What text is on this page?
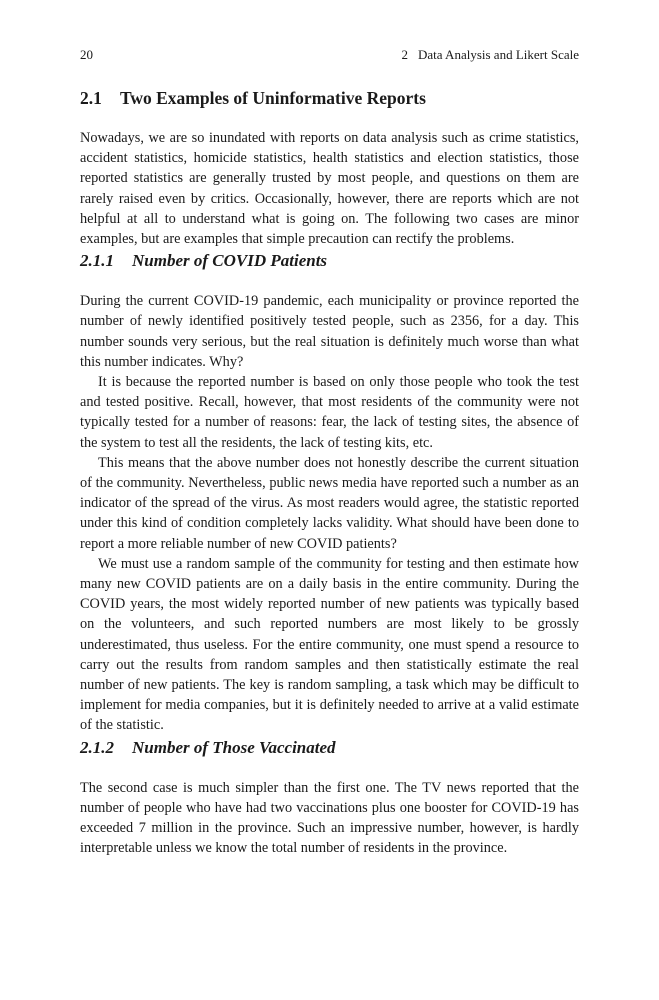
20	2 Data Analysis and Likert Scale
2.1 Two Examples of Uninformative Reports

Nowadays, we are so inundated with reports on data analysis such as crime statistics, accident statistics, homicide statistics, health statistics and election statistics, those reported statistics are generally trusted by most people, and questions on them are rarely raised even by critics. Occasionally, however, there are reports which are not helpful at all to understand what is going on. The following two cases are minor examples, but are examples that simple precaution can rectify the problems.

2.1.1 Number of COVID Patients

During the current COVID-19 pandemic, each municipality or province reported the number of newly identified positively tested people, such as 2356, for a day. This number sounds very serious, but the real situation is definitely much worse than what this number indicates. Why?

It is because the reported number is based on only those people who took the test and tested positive. Recall, however, that most residents of the community were not typically tested for a number of reasons: fear, the lack of testing sites, the absence of the system to test all the residents, the lack of testing kits, etc.

This means that the above number does not honestly describe the current situation of the community. Nevertheless, public news media have reported such a number as an indicator of the spread of the virus. As most readers would agree, the statistic reported under this kind of condition completely lacks validity. What should have been done to report a more reliable number of new COVID patients?

We must use a random sample of the community for testing and then estimate how many new COVID patients are on a daily basis in the entire community. During the COVID years, the most widely reported number of new patients was typically based on the volunteers, and such reported numbers are most likely to be grossly underestimated, thus useless. For the entire community, one must spend a resource to carry out the results from random samples and then statistically estimate the real number of new patients. The key is random sampling, a task which may be difficult to implement for media companies, but it is definitely needed to arrive at a valid estimate of the statistic.

2.1.2 Number of Those Vaccinated

The second case is much simpler than the first one. The TV news reported that the number of people who have had two vaccinations plus one booster for COVID-19 has exceeded 7 million in the province. Such an impressive number, however, is hardly interpretable unless we know the total number of residents in the province.
